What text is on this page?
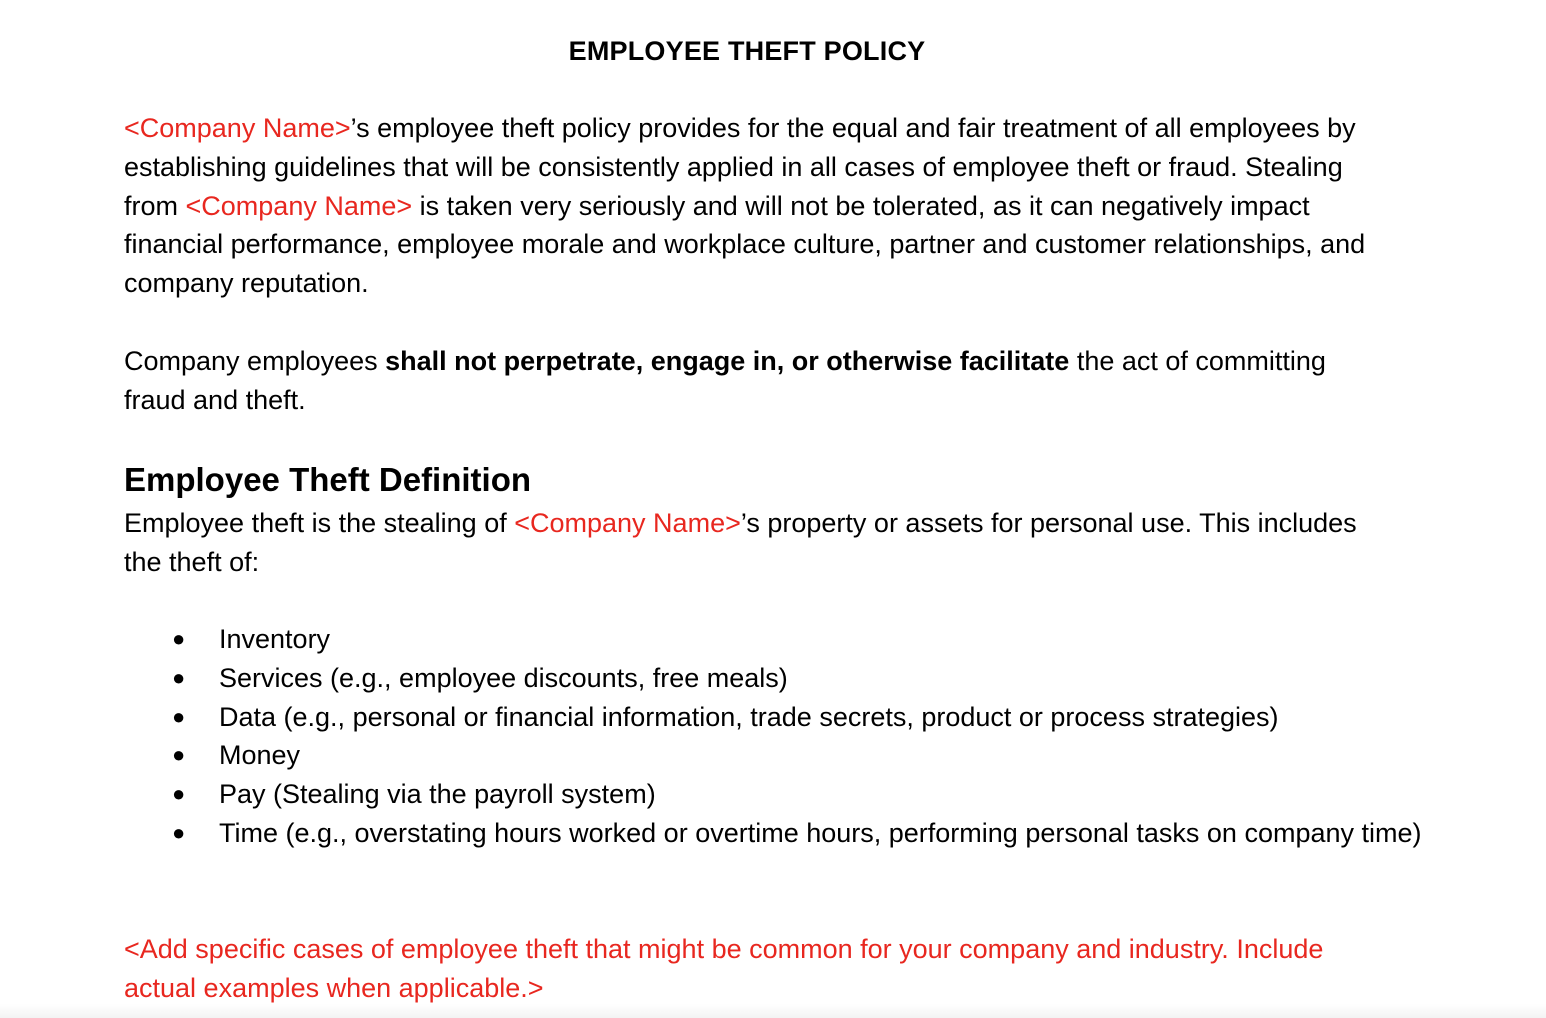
EMPLOYEE THEFT POLICY

<Company Name>’s employee theft policy provides for the equal and fair treatment of all employees by establishing guidelines that will be consistently applied in all cases of employee theft or fraud. Stealing from <Company Name> is taken very seriously and will not be tolerated, as it can negatively impact financial performance, employee morale and workplace culture, partner and customer relationships, and company reputation.

Company employees shall not perpetrate, engage in, or otherwise facilitate the act of committing fraud and theft.

Employee Theft Definition

Employee theft is the stealing of <Company Name>’s property or assets for personal use. This includes the theft of:

● Inventory
● Services (e.g., employee discounts, free meals)
● Data (e.g., personal or financial information, trade secrets, product or process strategies)
● Money
● Pay (Stealing via the payroll system)
● Time (e.g., overstating hours worked or overtime hours, performing personal tasks on company time)

<Add specific cases of employee theft that might be common for your company and industry. Include actual examples when applicable.>
